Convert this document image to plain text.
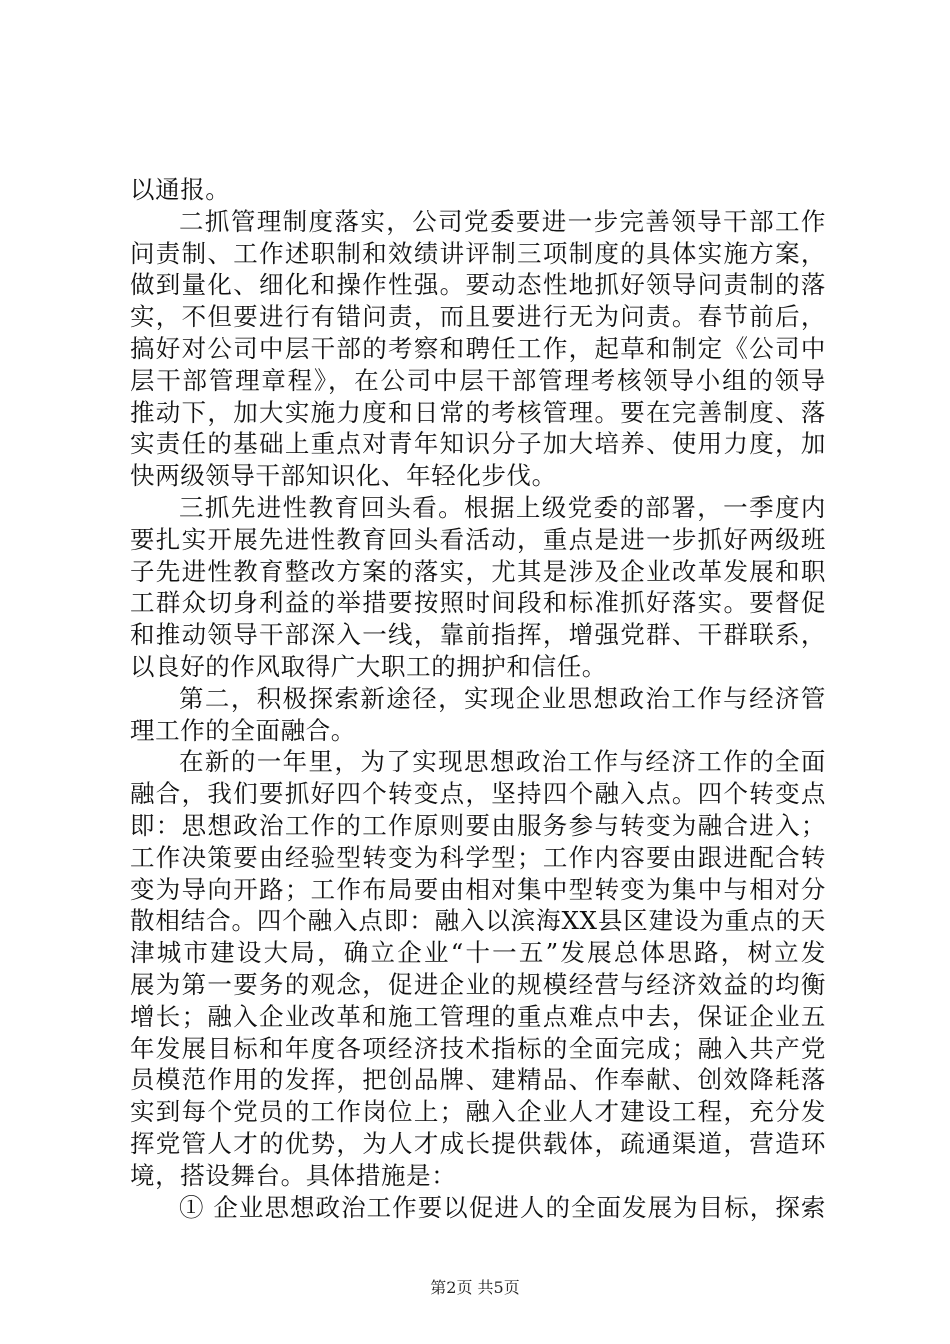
以通报。
二抓管理制度落实，公司党委要进一步完善领导干部工作
问责制、工作述职制和效绩讲评制三项制度的具体实施方案，
做到量化、细化和操作性强。要动态性地抓好领导问责制的落
实，不但要进行有错问责，而且要进行无为问责。春节前后，
搞好对公司中层干部的考察和聘任工作，起草和制定《公司中
层干部管理章程》，在公司中层干部管理考核领导小组的领导
推动下，加大实施力度和日常的考核管理。要在完善制度、落
实责任的基础上重点对青年知识分子加大培养、使用力度，加
快两级领导干部知识化、年轻化步伐。
三抓先进性教育回头看。根据上级党委的部署，一季度内
要扎实开展先进性教育回头看活动，重点是进一步抓好两级班
子先进性教育整改方案的落实，尤其是涉及企业改革发展和职
工群众切身利益的举措要按照时间段和标准抓好落实。要督促
和推动领导干部深入一线，靠前指挥，增强党群、干群联系，
以良好的作风取得广大职工的拥护和信任。
第二，积极探索新途径，实现企业思想政治工作与经济管
理工作的全面融合。
在新的一年里，为了实现思想政治工作与经济工作的全面
融合，我们要抓好四个转变点，坚持四个融入点。四个转变点
即：思想政治工作的工作原则要由服务参与转变为融合进入；
工作决策要由经验型转变为科学型；工作内容要由跟进配合转
变为导向开路；工作布局要由相对集中型转变为集中与相对分
散相结合。四个融入点即：融入以滨海XX县区建设为重点的天
津城市建设大局，确立企业“十一五”发展总体思路，树立发
展为第一要务的观念，促进企业的规模经营与经济效益的均衡
增长；融入企业改革和施工管理的重点难点中去，保证企业五
年发展目标和年度各项经济技术指标的全面完成；融入共产党
员模范作用的发挥，把创品牌、建精品、作奉献、创效降耗落
实到每个党员的工作岗位上；融入企业人才建设工程，充分发
挥党管人才的优势，为人才成长提供载体，疏通渠道，营造环
境，搭设舞台。具体措施是：
① 企业思想政治工作要以促进人的全面发展为目标，探索
第2页 共5页
